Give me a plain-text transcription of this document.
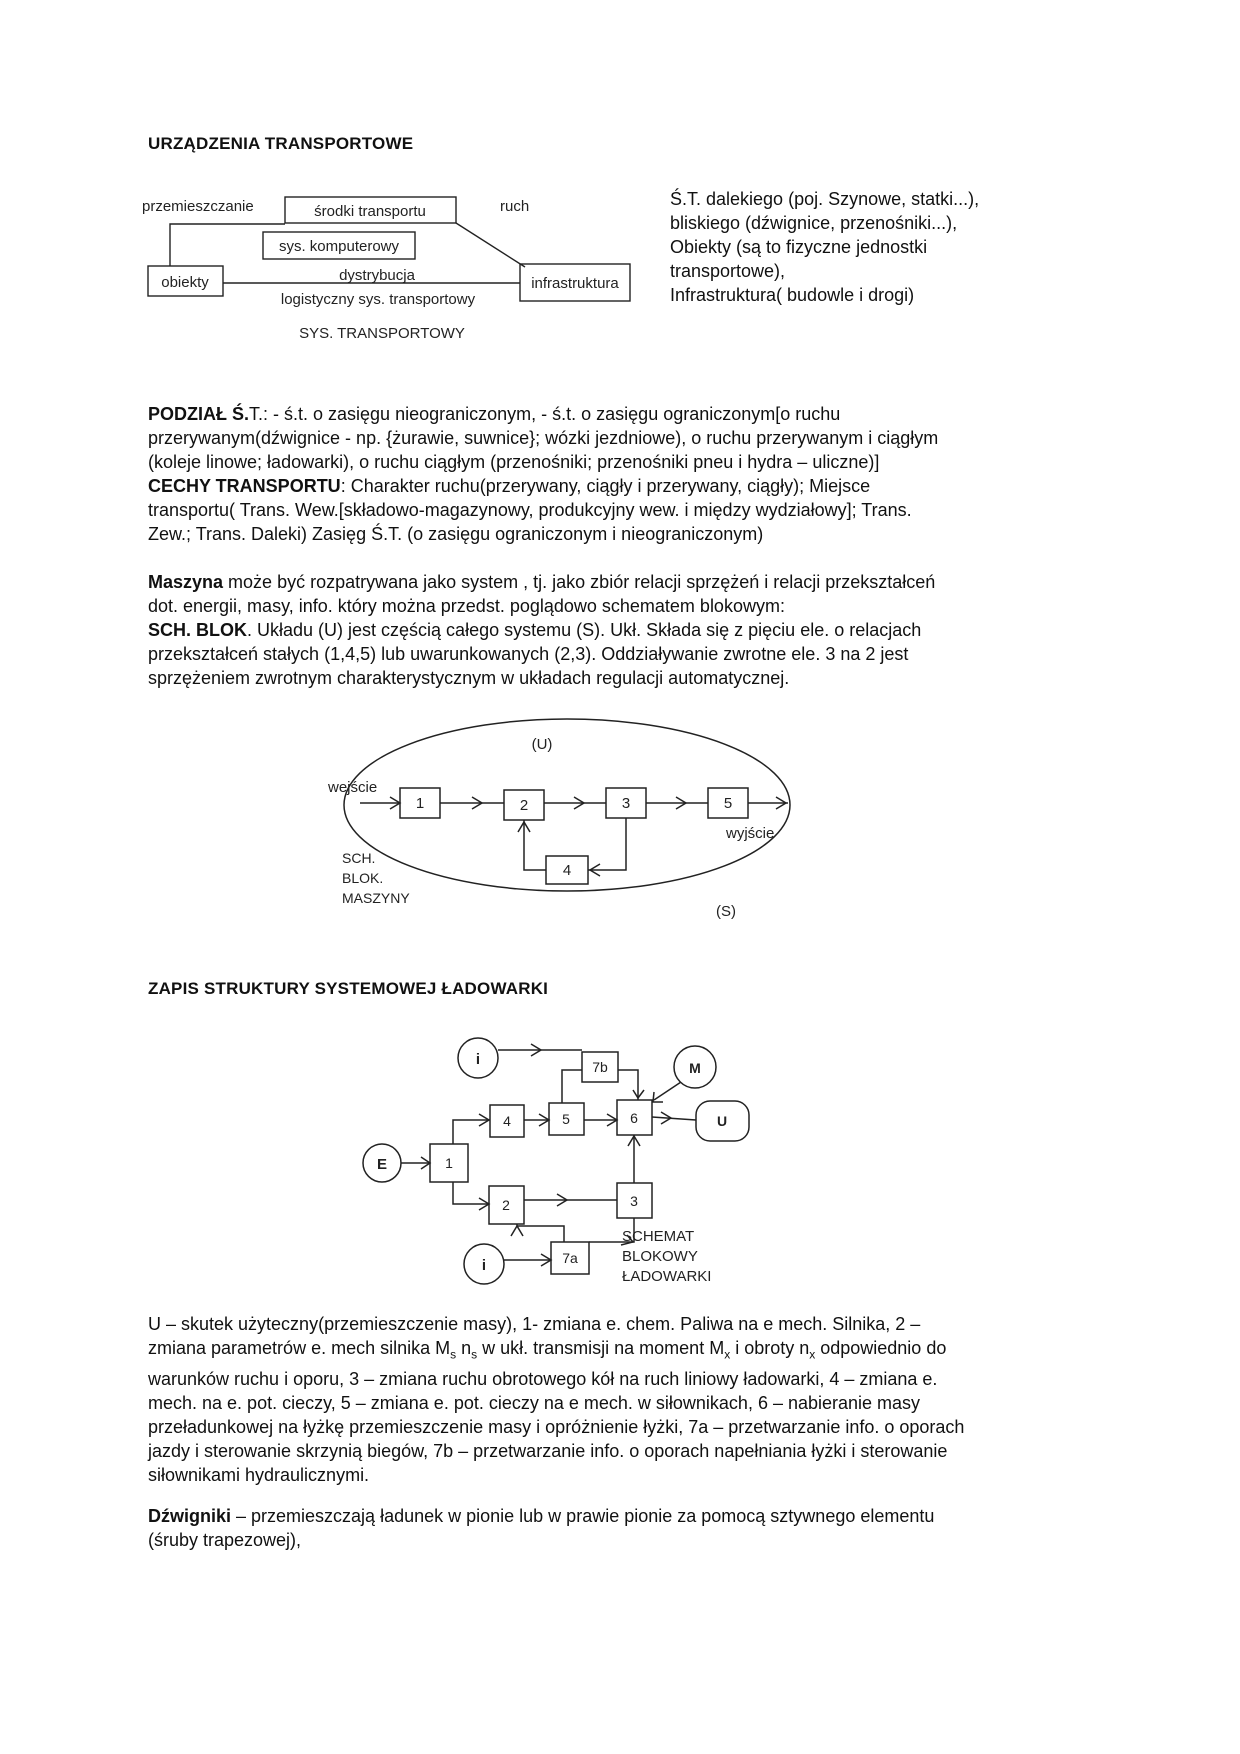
URZĄDZENIA TRANSPORTOWE
przemieszczanie	środki transportu	ruch
sys. komputerowy
obiekty	dystrybucja	infrastruktura
logistyczny sys. transportowy
SYS. TRANSPORTOWY
Ś.T. dalekiego (poj. Szynowe, statki...),
bliskiego (dźwignice, przenośniki...),
Obiekty (są to fizyczne jednostki
transportowe),
Infrastruktura( budowle i drogi)
PODZIAŁ Ś.T.: - ś.t. o zasięgu nieograniczonym, - ś.t. o zasięgu ograniczonym[o ruchu
przerywanym(dźwignice - np. {żurawie, suwnice}; wózki jezdniowe), o ruchu przerywanym i ciągłym
(koleje linowe; ładowarki), o ruchu ciągłym (przenośniki; przenośniki pneu i hydra – uliczne)]
CECHY TRANSPORTU: Charakter ruchu(przerywany, ciągły i przerywany, ciągły); Miejsce
transportu( Trans. Wew.[składowo-magazynowy, produkcyjny wew. i między wydziałowy]; Trans.
Zew.; Trans. Daleki) Zasięg Ś.T. (o zasięgu ograniczonym i nieograniczonym)
Maszyna może być rozpatrywana jako system , tj. jako zbiór relacji sprzężeń i relacji przekształceń
dot. energii, masy, info. który można przedst. poglądowo schematem blokowym:
SCH. BLOK. Układu (U) jest częścią całego systemu (S). Ukł. Składa się z pięciu ele. o relacjach
przekształceń stałych (1,4,5) lub uwarunkowanych (2,3). Oddziaływanie zwrotne ele. 3 na 2 jest
sprzężeniem zwrotnym charakterystycznym w układach regulacji automatycznej.
(U)
1	2	3	5
4
wejście
wyjście
SCH.
BLOK.
MASZYNY
(S)
ZAPIS STRUKTURY SYSTEMOWEJ ŁADOWARKI
i	M
U
E
i
7b
4	5	6
1
2	3
7a
SCHEMAT
BLOKOWY
ŁADOWARKI
U – skutek użyteczny(przemieszczenie masy), 1- zmiana e. chem. Paliwa na e mech. Silnika, 2 –
zmiana parametrów e. mech silnika $M_s$ $n_s$ w ukł. transmisji na moment $M_x$ i obroty $n_x$ odpowiednio do
warunków ruchu i oporu, 3 – zmiana ruchu obrotowego kół na ruch liniowy ładowarki, 4 – zmiana e.
mech. na e. pot. cieczy, 5 – zmiana e. pot. cieczy na e mech. w siłownikach, 6 – nabieranie masy
przeładunkowej na łyżkę przemieszczenie masy i opróżnienie łyżki, 7a – przetwarzanie info. o oporach
jazdy i sterowanie skrzynią biegów, 7b – przetwarzanie info. o oporach napełniania łyżki i sterowanie
siłownikami hydraulicznymi.
Dźwigniki – przemieszczają ładunek w pionie lub w prawie pionie za pomocą sztywnego elementu
(śruby trapezowej),
